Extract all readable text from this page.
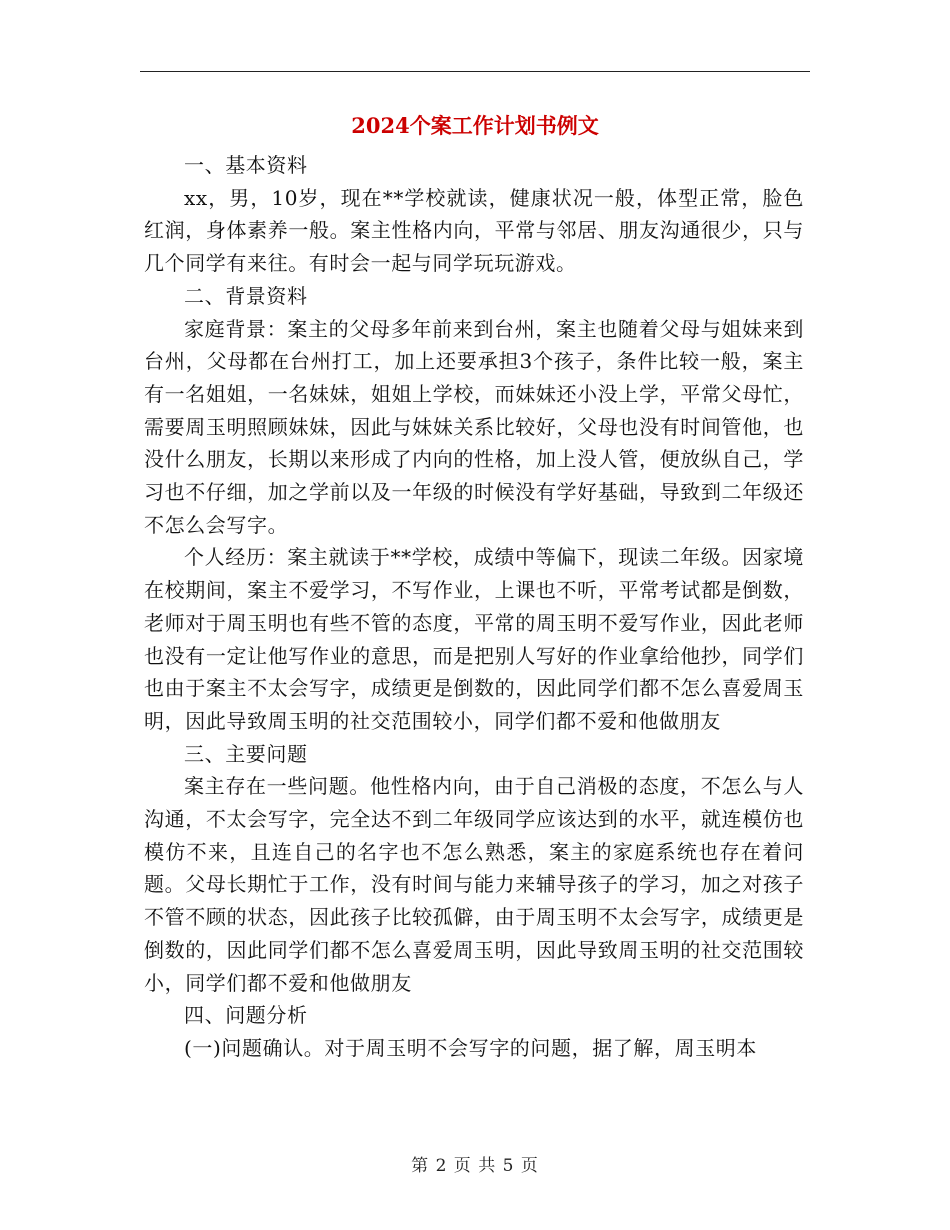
2024个案工作计划书例文

一、基本资料

xx，男，10岁，现在**学校就读，健康状况一般，体型正常，脸色红润，身体素养一般。案主性格内向，平常与邻居、朋友沟通很少，只与几个同学有来往。有时会一起与同学玩玩游戏。

二、背景资料

家庭背景：案主的父母多年前来到台州，案主也随着父母与姐妹来到台州，父母都在台州打工，加上还要承担3个孩子，条件比较一般，案主有一名姐姐，一名妹妹，姐姐上学校，而妹妹还小没上学，平常父母忙，需要周玉明照顾妹妹，因此与妹妹关系比较好，父母也没有时间管他，也没什么朋友，长期以来形成了内向的性格，加上没人管，便放纵自己，学习也不仔细，加之学前以及一年级的时候没有学好基础，导致到二年级还不怎么会写字。

个人经历：案主就读于**学校，成绩中等偏下，现读二年级。因家境在校期间，案主不爱学习，不写作业，上课也不听，平常考试都是倒数，老师对于周玉明也有些不管的态度，平常的周玉明不爱写作业，因此老师也没有一定让他写作业的意思，而是把别人写好的作业拿给他抄，同学们也由于案主不太会写字，成绩更是倒数的，因此同学们都不怎么喜爱周玉明，因此导致周玉明的社交范围较小，同学们都不爱和他做朋友

三、主要问题

案主存在一些问题。他性格内向，由于自己消极的态度，不怎么与人沟通，不太会写字，完全达不到二年级同学应该达到的水平，就连模仿也模仿不来，且连自己的名字也不怎么熟悉，案主的家庭系统也存在着问题。父母长期忙于工作，没有时间与能力来辅导孩子的学习，加之对孩子不管不顾的状态，因此孩子比较孤僻，由于周玉明不太会写字，成绩更是倒数的，因此同学们都不怎么喜爱周玉明，因此导致周玉明的社交范围较小，同学们都不爱和他做朋友

四、问题分析

(一)问题确认。对于周玉明不会写字的问题，据了解，周玉明本

第 2 页 共 5 页
